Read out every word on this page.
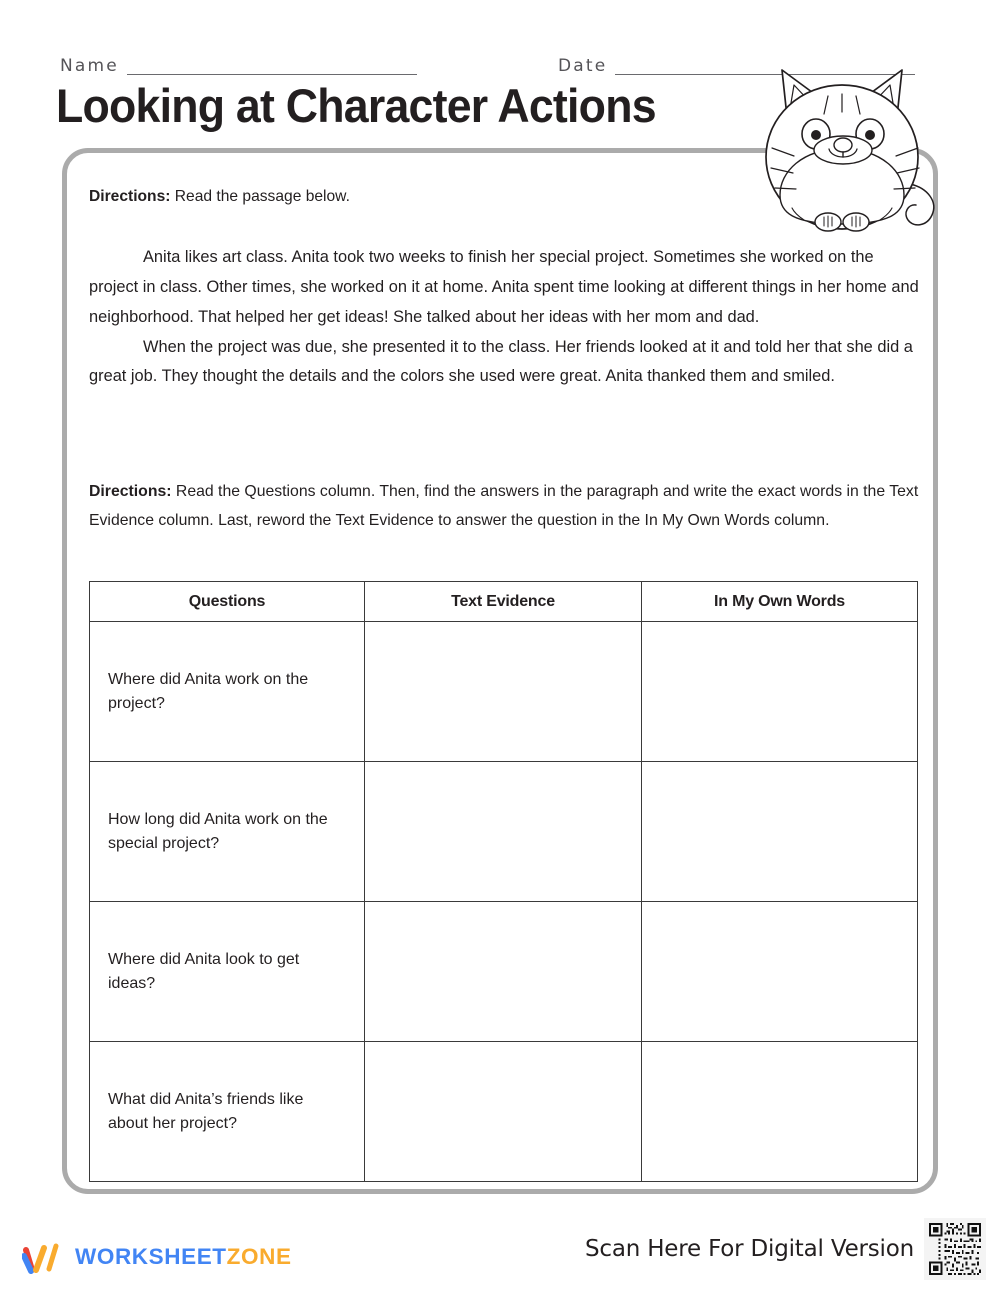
Name	Date
Looking at Character Actions
Directions: Read the passage below.

Anita likes art class. Anita took two weeks to finish her special project. Sometimes she worked on the project in class. Other times, she worked on it at home. Anita spent time looking at different things in her home and neighborhood. That helped her get ideas! She talked about her ideas with her mom and dad.

When the project was due, she presented it to the class. Her friends looked at it and told her that she did a great job. They thought the details and the colors she used were great. Anita thanked them and smiled.

Directions: Read the Questions column. Then, find the answers in the paragraph and write the exact words in the Text Evidence column. Last, reword the Text Evidence to answer the question in the In My Own Words column.
Questions	Text Evidence	In My Own Words
Where did Anita work on the project?		
How long did Anita work on the special project?		
Where did Anita look to get ideas?		
What did Anita’s friends like about her project?		
WORKSHEETZONE	Scan Here For Digital Version
